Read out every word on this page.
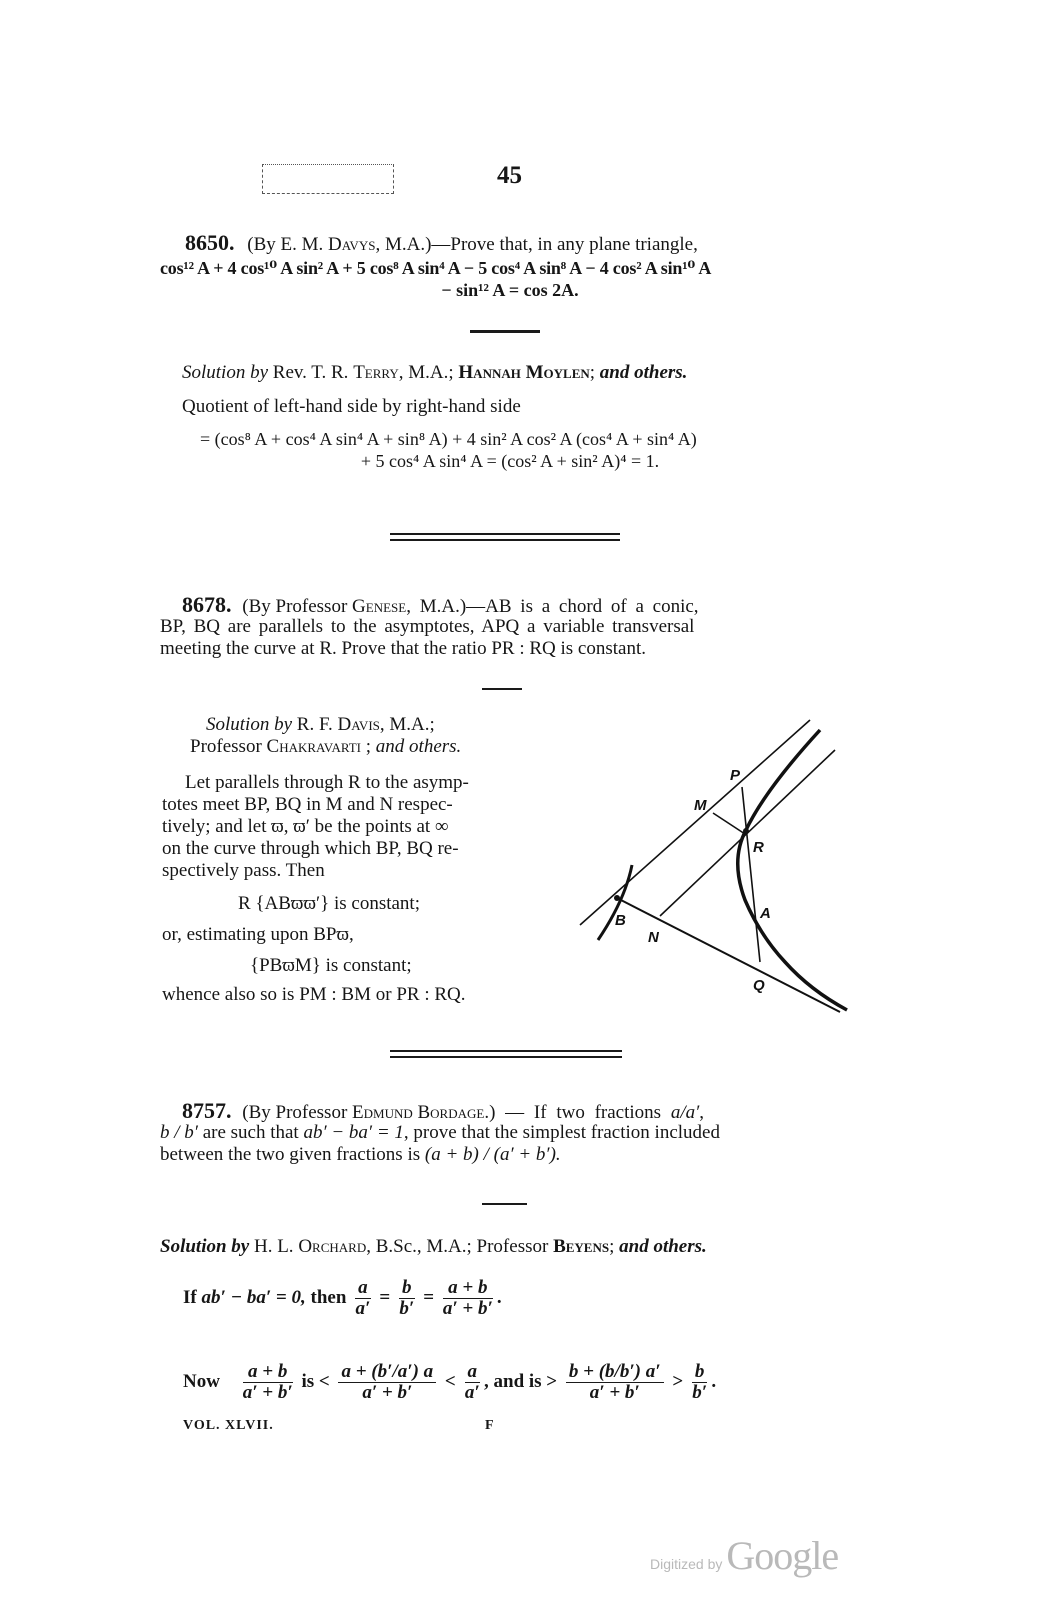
45
8650. (By E. M. Davys, M.A.)—Prove that, in any plane triangle,
cos¹² A + 4 cos¹⁰ A sin² A + 5 cos⁸ A sin⁴ A − 5 cos⁴ A sin⁸ A − 4 cos² A sin¹⁰ A
− sin¹² A = cos 2A.
Solution by Rev. T. R. Terry, M.A.; Hannah Moylen; and others.
Quotient of left-hand side by right-hand side
= (cos⁸ A + cos⁴ A sin⁴ A + sin⁸ A) + 4 sin² A cos² A (cos⁴ A + sin⁴ A)
+ 5 cos⁴ A sin⁴ A = (cos² A + sin² A)⁴ = 1.
8678. (By Professor Genese, M.A.)—AB is a chord of a conic,
BP, BQ are parallels to the asymptotes, APQ a variable transversal
meeting the curve at R. Prove that the ratio PR : RQ is constant.
Solution by R. F. Davis, M.A.;
Professor Chakravarti ; and others.
Let parallels through R to the asymp-
totes meet BP, BQ in M and N respec-
tively; and let ϖ, ϖ′ be the points at ∞
on the curve through which BP, BQ re-
spectively pass. Then
R {ABϖϖ′} is constant;
or, estimating upon BPϖ,
{PBϖM} is constant;
whence also so is PM : BM or PR : RQ.
P
M
R
A
B
N
Q
8757. (By Professor Edmund Bordage.) — If two fractions a/a′,
b / b′ are such that ab′ − ba′ = 1, prove that the simplest fraction included
between the two given fractions is (a + b) / (a′ + b′).
Solution by H. L. Orchard, B.Sc., M.A.; Professor Beyens; and others.
If ab′ − ba′ = 0, then $\frac{a}{a'} = \frac{b}{b'} = \frac{a + b}{a' + b'}$ .
Now $\frac{a + b}{a' + b'}$ is < $\frac{a + (b'/a') a}{a' + b'} < \frac{a}{a'}$ , and is > $\frac{b + (b/b') a'}{a' + b'} > \frac{b}{b'}$ .
VOL. XLVII.	F
Digitized by Google
